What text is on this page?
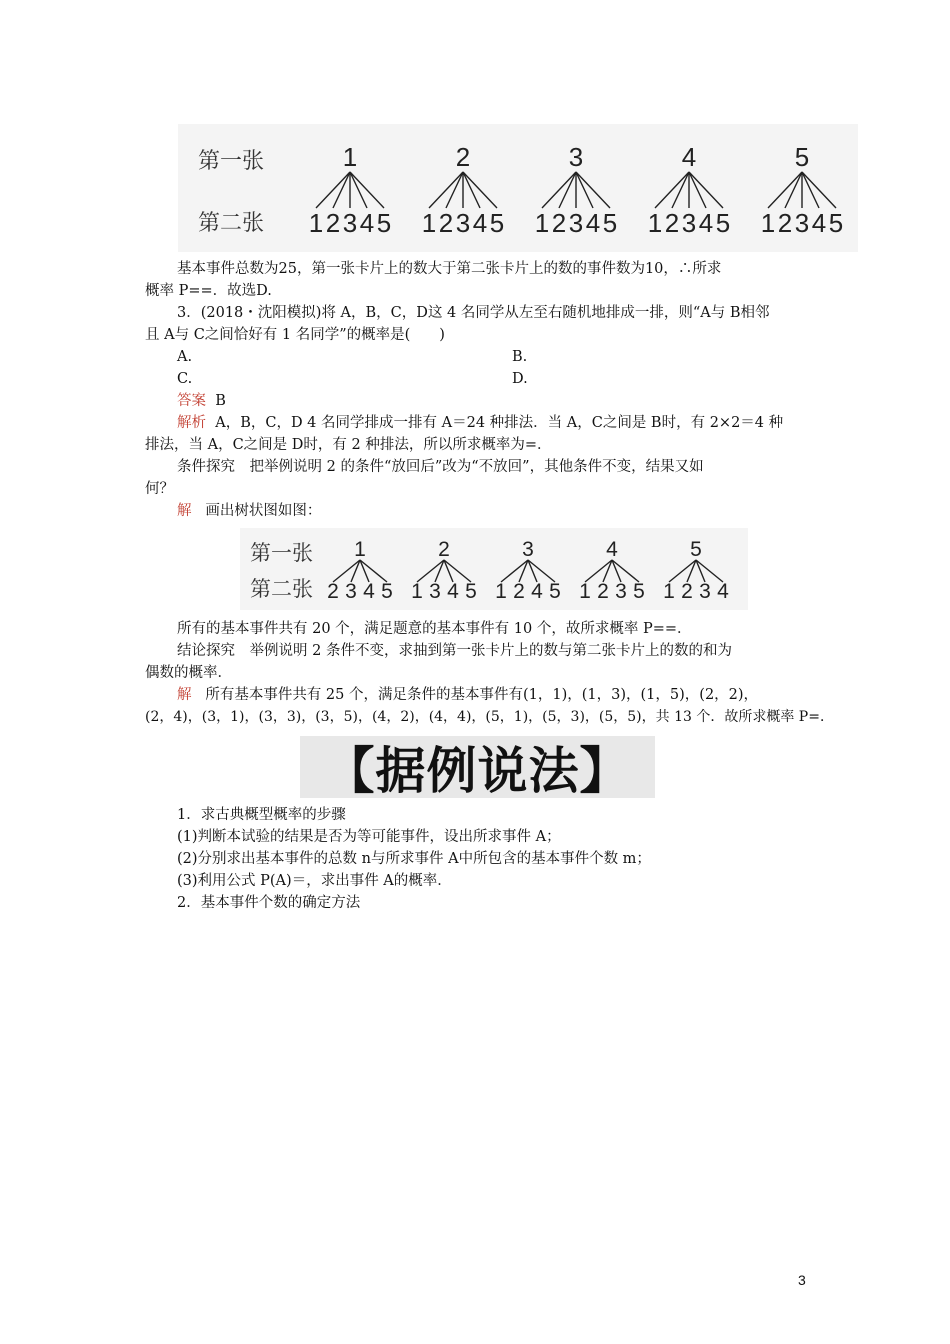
第一张
第二张
1
1 2 3 4 5
2
1 2 3 4 5
3
1 2 3 4 5
4
1 2 3 4 5
5
1 2 3 4 5
基本事件总数为25，第一张卡片上的数大于第二张卡片上的数的事件数为10，∴所求
概率 P==．故选D.
3．(2018・沈阳模拟)将 A，B，C，D这 4 名同学从左至右随机地排成一排，则“A与 B相邻
且 A与 C之间恰好有 1 名同学”的概率是(　　)
A.	B.
C.	D.
答案 B
解析 A，B，C，D 4 名同学排成一排有 A＝24 种排法．当 A，C之间是 B时，有 2×2＝4 种
排法，当 A，C之间是 D时，有 2 种排法，所以所求概率为=．
条件探究　把举例说明 2 的条件“放回后”改为“不放回”，其他条件不变，结果又如
何？
解 画出树状图如图：
第一张
第二张
1
2 3 4 5
2
1 3 4 5
3
1 2 4 5
4
1 2 3 5
5
1 2 3 4
所有的基本事件共有 20 个，满足题意的基本事件有 10 个，故所求概率 P==．
结论探究　举例说明 2 条件不变，求抽到第一张卡片上的数与第二张卡片上的数的和为
偶数的概率．
解 所有基本事件共有 25 个，满足条件的基本事件有(1，1)，(1，3)，(1，5)，(2，2)，
(2，4)，(3，1)，(3，3)，(3，5)，(4，2)，(4，4)，(5，1)，(5，3)，(5，5)，共 13 个．故所求概率 P=．
【据例说法】
1．求古典概型概率的步骤
(1)判断本试验的结果是否为等可能事件，设出所求事件 A；
(2)分别求出基本事件的总数 n与所求事件 A中所包含的基本事件个数 m；
(3)利用公式 P(A)＝，求出事件 A的概率．
2．基本事件个数的确定方法
3
